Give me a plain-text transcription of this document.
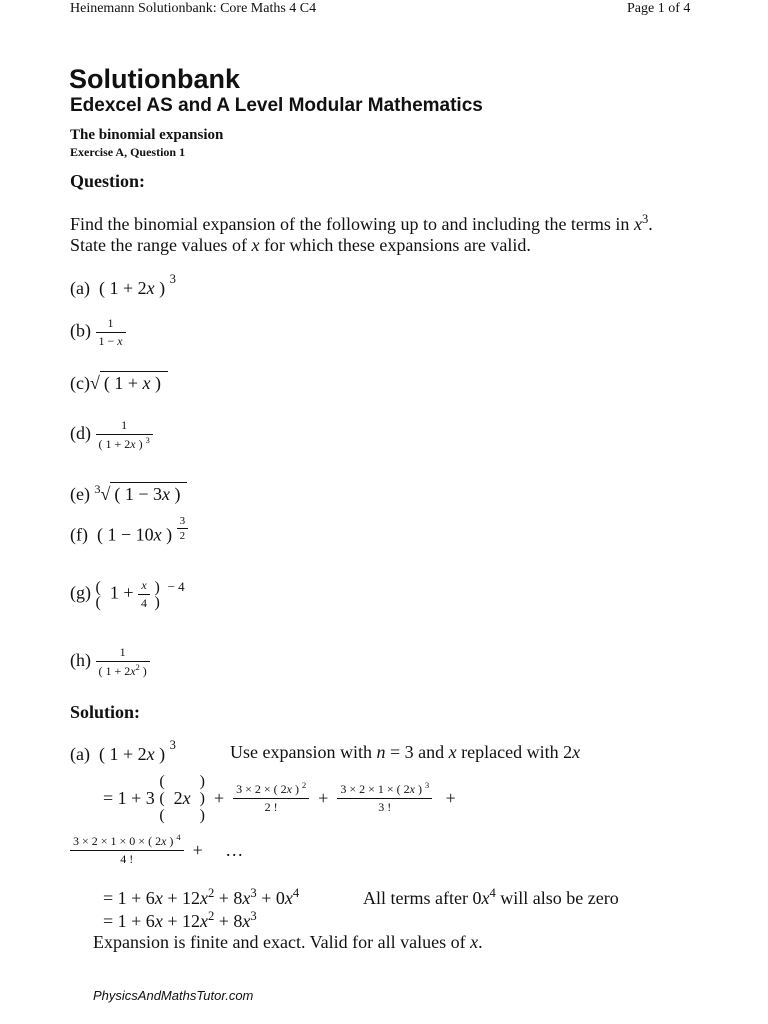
Heinemann Solutionbank: Core Maths 4 C4	Page 1 of 4
Solutionbank
Edexcel AS and A Level Modular Mathematics
The binomial expansion
Exercise A, Question 1
Question:
Find the binomial expansion of the following up to and including the terms in $x^3$.
State the range values of x for which these expansions are valid.
(a)  ( 1 + 2x ) $^3$
$(b) \frac{1}{1 - x}$
(c)√ ( 1 + x )
$(d) \frac{1}{( 1 + 2x ) ^3}$
(e) $^3$√ ( 1 − 3x )
(f)  ( 1 − 10x ) $\frac{3}{2}$
(g) (
(  $1 + \frac{x}{4}$ )
)  $^{- 4}$
$(h) \frac{1}{( 1 + 2x^2 )}$
Solution:
(a)  ( 1 + 2x ) $^3$	Use expansion with n = 3 and x replaced with 2x
= 1 + 3
(
(
(
2x
)
)
)
+ $\frac{3 \times 2 \times ( 2x ) ^2}{2 !} + \frac{3 \times 2 \times 1 \times ( 2x ) ^3}{3 !}$ +
$\frac{3 \times 2 \times 1 \times 0 \times ( 2x ) ^4}{4 !}$ + …
= $1 + 6x + 12x^2 + 8x^3 + 0x^4$	All terms after $0x^4$ will also be zero
= $1 + 6x + 12x^2 + 8x^3$
Expansion is finite and exact. Valid for all values of x.
PhysicsAndMathsTutor.com
